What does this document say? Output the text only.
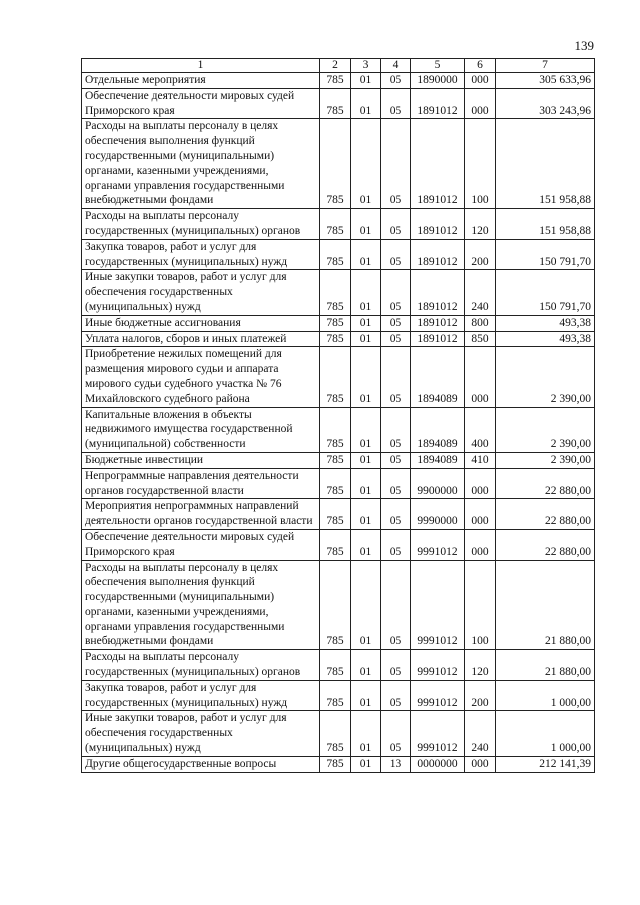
139
1	2	3	4	5	6	7
Отдельные мероприятия	785	01	05	1890000	000	305 633,96
Обеспечение деятельности мировых судей Приморского края	785	01	05	1891012	000	303 243,96
Расходы на выплаты персоналу в целях обеспечения выполнения функций государственными (муниципальными) органами, казенными учреждениями, органами управления государственными внебюджетными фондами	785	01	05	1891012	100	151 958,88
Расходы на выплаты персоналу государственных (муниципальных) органов	785	01	05	1891012	120	151 958,88
Закупка товаров, работ и услуг для государственных (муниципальных) нужд	785	01	05	1891012	200	150 791,70
Иные закупки товаров, работ и услуг для обеспечения государственных (муниципальных) нужд	785	01	05	1891012	240	150 791,70
Иные бюджетные ассигнования	785	01	05	1891012	800	493,38
Уплата налогов, сборов и иных платежей	785	01	05	1891012	850	493,38
Приобретение нежилых помещений для размещения мирового судьи и аппарата мирового судьи судебного участка № 76 Михайловского судебного района	785	01	05	1894089	000	2 390,00
Капитальные вложения в объекты недвижимого имущества государственной (муниципальной) собственности	785	01	05	1894089	400	2 390,00
Бюджетные инвестиции	785	01	05	1894089	410	2 390,00
Непрограммные направления деятельности органов государственной власти	785	01	05	9900000	000	22 880,00
Мероприятия непрограммных направлений деятельности органов государственной власти	785	01	05	9990000	000	22 880,00
Обеспечение деятельности мировых судей Приморского края	785	01	05	9991012	000	22 880,00
Расходы на выплаты персоналу в целях обеспечения выполнения функций государственными (муниципальными) органами, казенными учреждениями, органами управления государственными внебюджетными фондами	785	01	05	9991012	100	21 880,00
Расходы на выплаты персоналу государственных (муниципальных) органов	785	01	05	9991012	120	21 880,00
Закупка товаров, работ и услуг для государственных (муниципальных) нужд	785	01	05	9991012	200	1 000,00
Иные закупки товаров, работ и услуг для обеспечения государственных (муниципальных) нужд	785	01	05	9991012	240	1 000,00
Другие общегосударственные вопросы	785	01	13	0000000	000	212 141,39
